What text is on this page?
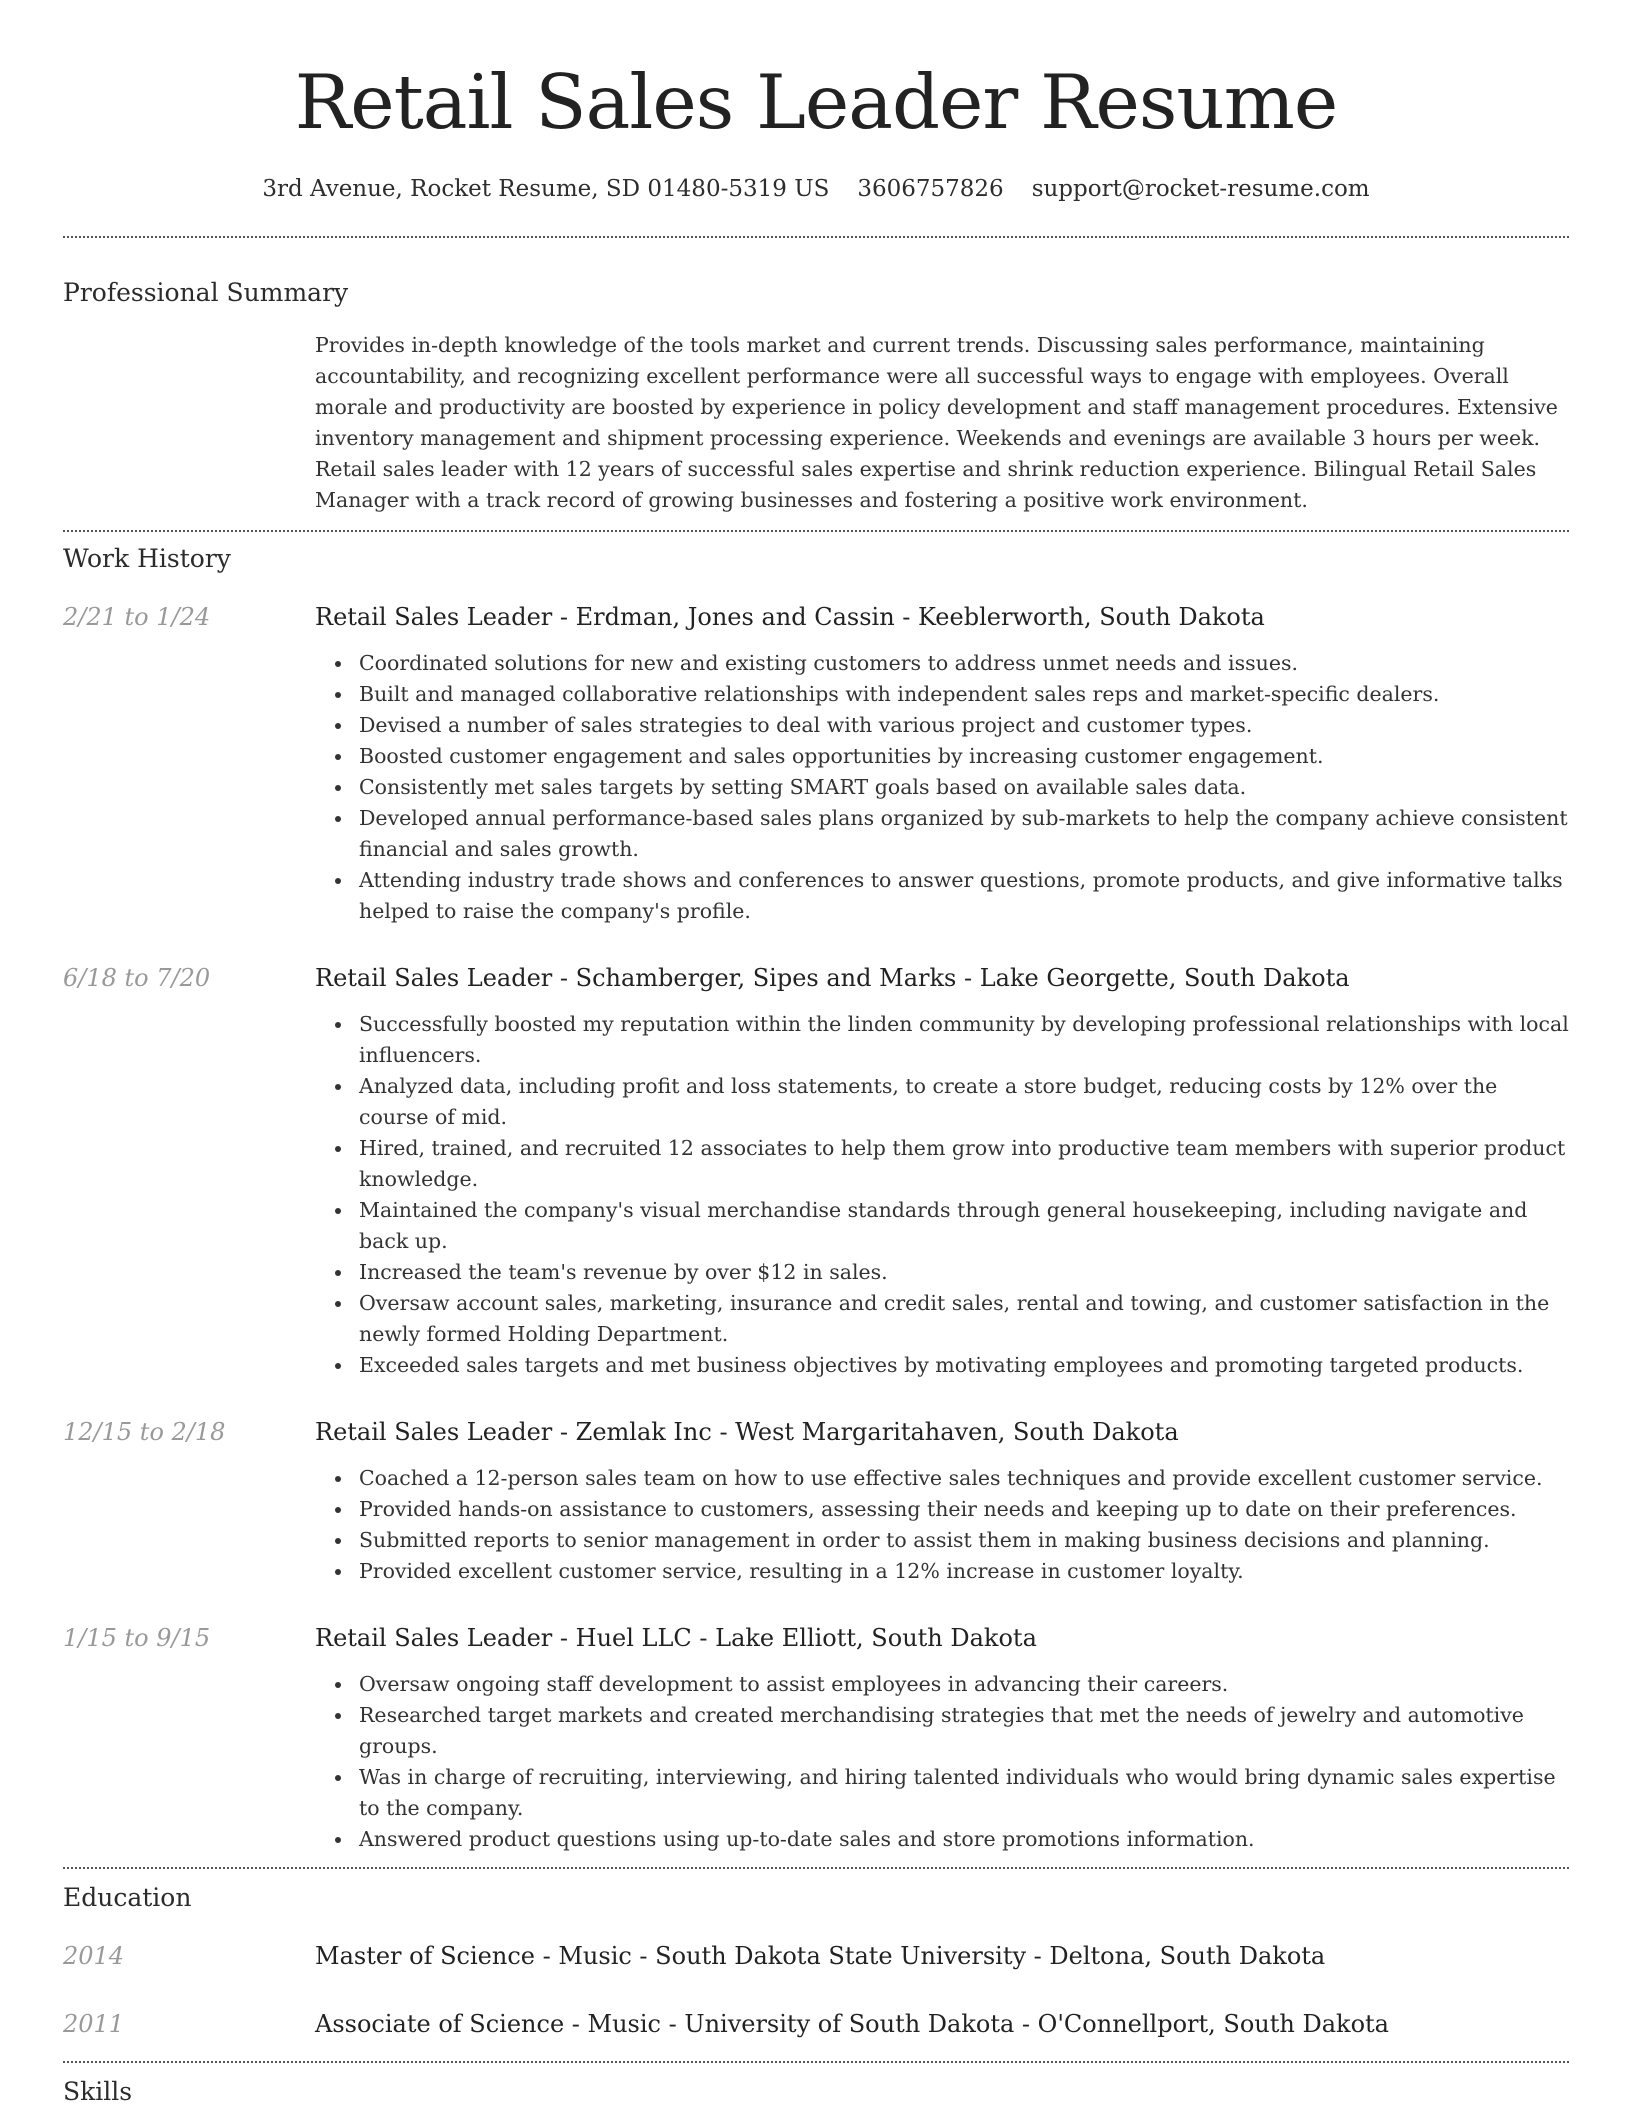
Retail Sales Leader Resume
3rd Avenue, Rocket Resume, SD 01480-5319 US 3606757826 support@rocket-resume.com
Professional Summary
Provides in-depth knowledge of the tools market and current trends. Discussing sales performance, maintaining accountability, and recognizing excellent performance were all successful ways to engage with employees. Overall morale and productivity are boosted by experience in policy development and staff management procedures. Extensive inventory management and shipment processing experience. Weekends and evenings are available 3 hours per week. Retail sales leader with 12 years of successful sales expertise and shrink reduction experience. Bilingual Retail Sales Manager with a track record of growing businesses and fostering a positive work environment.
Work History
2/21 to 1/24	Retail Sales Leader - Erdman, Jones and Cassin - Keeblerworth, South Dakota
Coordinated solutions for new and existing customers to address unmet needs and issues.
Built and managed collaborative relationships with independent sales reps and market-specific dealers.
Devised a number of sales strategies to deal with various project and customer types.
Boosted customer engagement and sales opportunities by increasing customer engagement.
Consistently met sales targets by setting SMART goals based on available sales data.
Developed annual performance-based sales plans organized by sub-markets to help the company achieve consistent financial and sales growth.
Attending industry trade shows and conferences to answer questions, promote products, and give informative talks helped to raise the company's profile.
6/18 to 7/20	Retail Sales Leader - Schamberger, Sipes and Marks - Lake Georgette, South Dakota
Successfully boosted my reputation within the linden community by developing professional relationships with local influencers.
Analyzed data, including profit and loss statements, to create a store budget, reducing costs by 12% over the course of mid.
Hired, trained, and recruited 12 associates to help them grow into productive team members with superior product knowledge.
Maintained the company's visual merchandise standards through general housekeeping, including navigate and back up.
Increased the team's revenue by over $12 in sales.
Oversaw account sales, marketing, insurance and credit sales, rental and towing, and customer satisfaction in the newly formed Holding Department.
Exceeded sales targets and met business objectives by motivating employees and promoting targeted products.
12/15 to 2/18	Retail Sales Leader - Zemlak Inc - West Margaritahaven, South Dakota
Coached a 12-person sales team on how to use effective sales techniques and provide excellent customer service.
Provided hands-on assistance to customers, assessing their needs and keeping up to date on their preferences.
Submitted reports to senior management in order to assist them in making business decisions and planning.
Provided excellent customer service, resulting in a 12% increase in customer loyalty.
1/15 to 9/15	Retail Sales Leader - Huel LLC - Lake Elliott, South Dakota
Oversaw ongoing staff development to assist employees in advancing their careers.
Researched target markets and created merchandising strategies that met the needs of jewelry and automotive groups.
Was in charge of recruiting, interviewing, and hiring talented individuals who would bring dynamic sales expertise to the company.
Answered product questions using up-to-date sales and store promotions information.
Education
2014	Master of Science - Music - South Dakota State University - Deltona, South Dakota
2011	Associate of Science - Music - University of South Dakota - O'Connellport, South Dakota
Skills
